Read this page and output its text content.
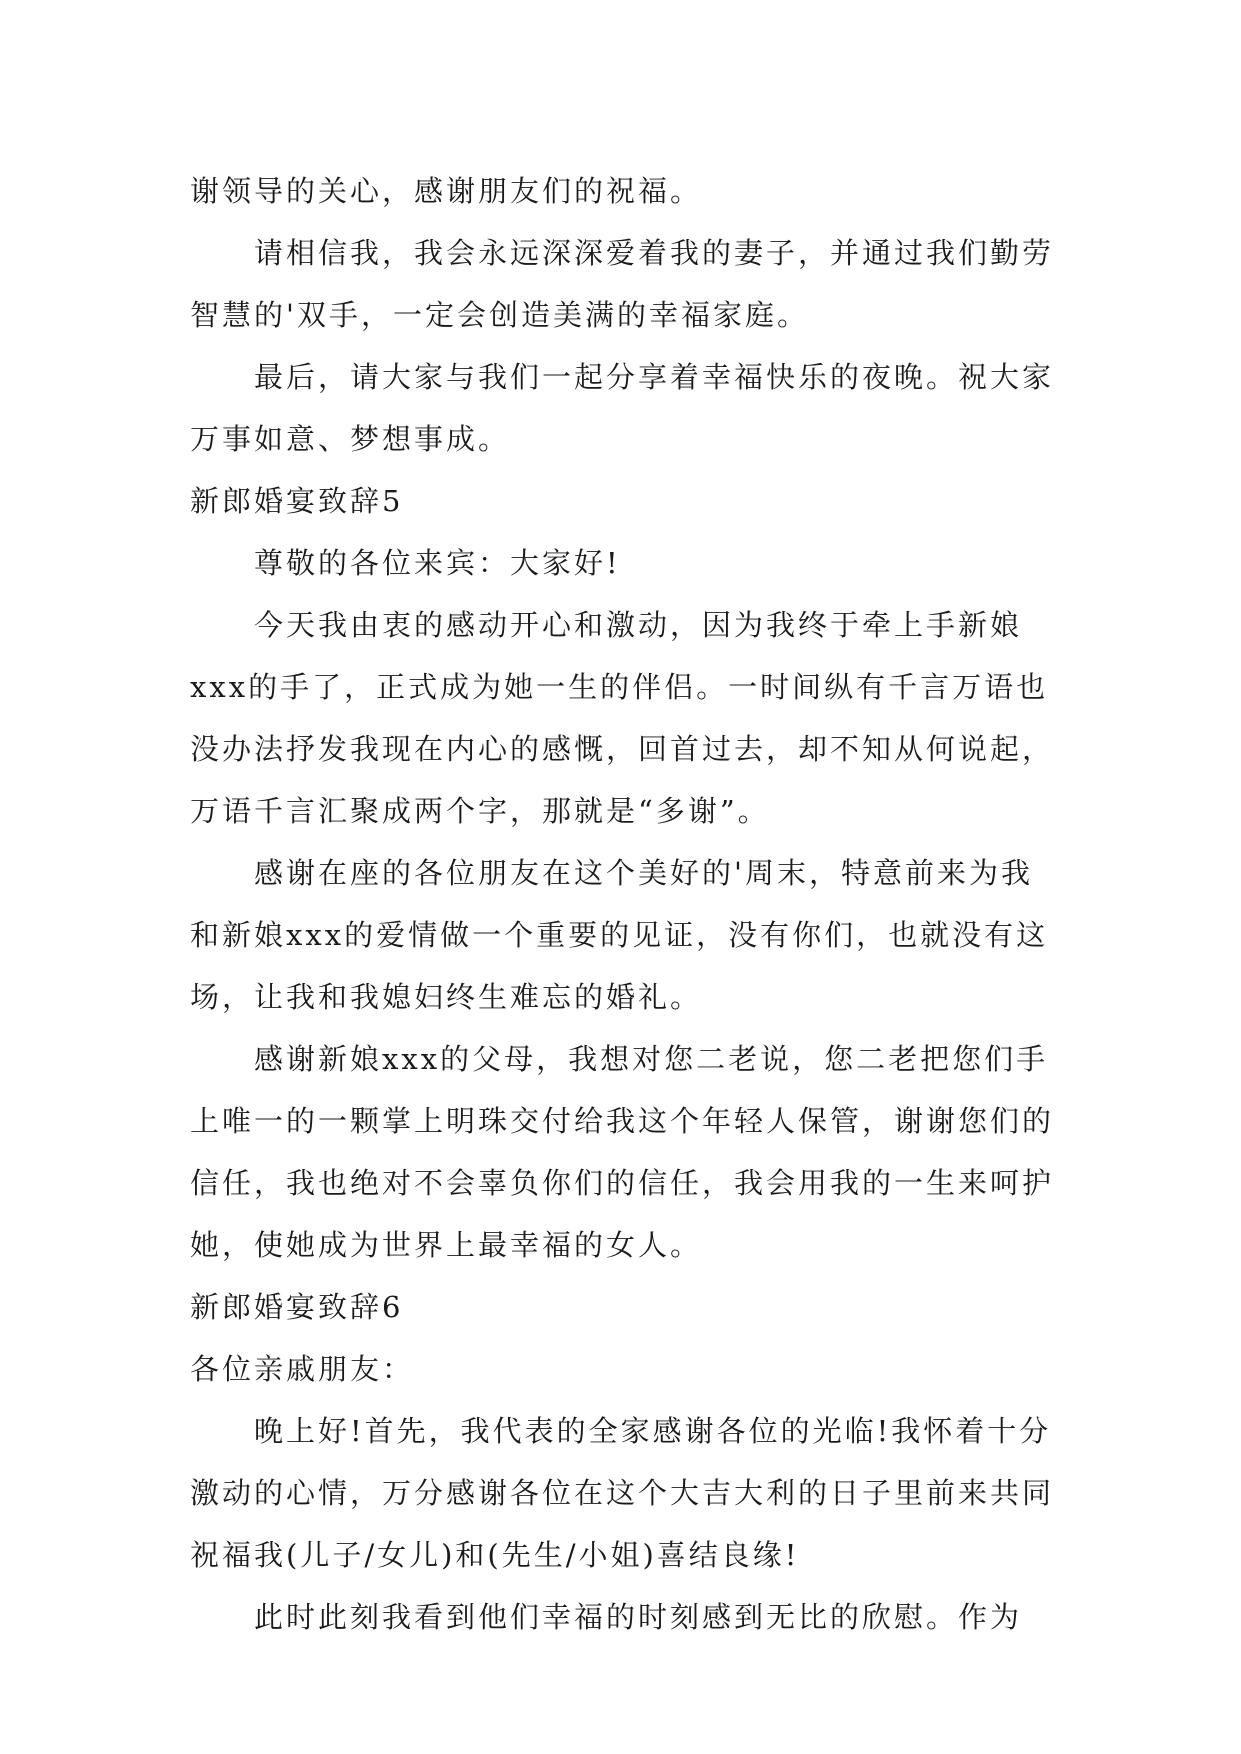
谢领导的关心，感谢朋友们的祝福。

请相信我，我会永远深深爱着我的妻子，并通过我们勤劳智慧的'双手，一定会创造美满的幸福家庭。

最后，请大家与我们一起分享着幸福快乐的夜晚。祝大家万事如意、梦想事成。

新郎婚宴致辞5

尊敬的各位来宾：大家好!

今天我由衷的感动开心和激动，因为我终于牵上手新娘xxx的手了，正式成为她一生的伴侣。一时间纵有千言万语也没办法抒发我现在内心的感慨，回首过去，却不知从何说起，万语千言汇聚成两个字，那就是“多谢”。

感谢在座的各位朋友在这个美好的'周末，特意前来为我和新娘xxx的爱情做一个重要的见证，没有你们，也就没有这场，让我和我媳妇终生难忘的婚礼。

感谢新娘xxx的父母，我想对您二老说，您二老把您们手上唯一的一颗掌上明珠交付给我这个年轻人保管，谢谢您们的信任，我也绝对不会辜负你们的信任，我会用我的一生来呵护她，使她成为世界上最幸福的女人。

新郎婚宴致辞6

各位亲戚朋友：

晚上好!首先，我代表的全家感谢各位的光临!我怀着十分激动的心情，万分感谢各位在这个大吉大利的日子里前来共同祝福我(儿子/女儿)和(先生/小姐)喜结良缘!

此时此刻我看到他们幸福的时刻感到无比的欣慰。作为
